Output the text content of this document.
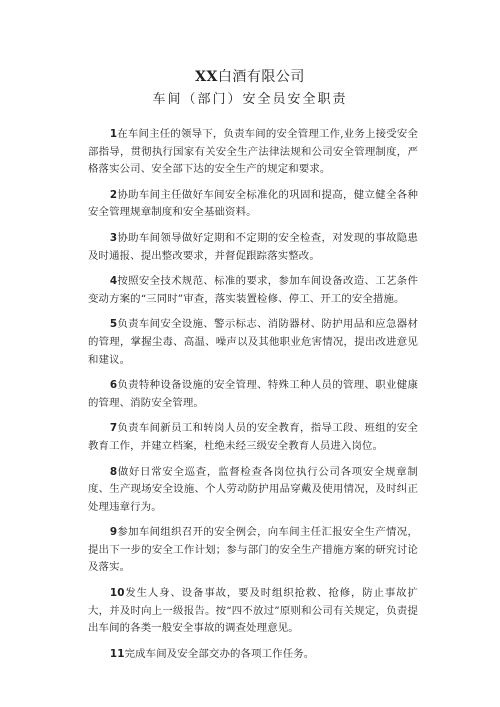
XX白酒有限公司
车间（部门）安全员安全职责

1在车间主任的领导下，负责车间的安全管理工作,业务上接受安全部指导，贯彻执行国家有关安全生产法律法规和公司安全管理制度，严格落实公司、安全部下达的安全生产的规定和要求。

2协助车间主任做好车间安全标准化的巩固和提高，健立健全各种安全管理规章制度和安全基础资料。

3协助车间领导做好定期和不定期的安全检查，对发现的事故隐患及时通报、提出整改要求，并督促跟踪落实整改。

4按照安全技术规范、标准的要求，参加车间设备改造、工艺条件变动方案的“三同时”审查，落实装置检修、停工、开工的安全措施。

5负责车间安全设施、警示标志、消防器材、防护用品和应急器材的管理，掌握尘毒、高温、噪声以及其他职业危害情况，提出改进意见和建议。

6负责特种设备设施的安全管理、特殊工种人员的管理、职业健康的管理、消防安全管理。

7负责车间新员工和转岗人员的安全教育，指导工段、班组的安全教育工作，并建立档案，杜绝未经三级安全教育人员进入岗位。

8做好日常安全巡查，监督检查各岗位执行公司各项安全规章制度、生产现场安全设施、个人劳动防护用品穿戴及使用情况，及时纠正处理违章行为。

9参加车间组织召开的安全例会，向车间主任汇报安全生产情况，提出下一步的安全工作计划；参与部门的安全生产措施方案的研究讨论及落实。

10发生人身、设备事故，要及时组织抢救、抢修，防止事故扩大，并及时向上一级报告。按“四不放过”原则和公司有关规定，负责提出车间的各类一般安全事故的调查处理意见。

11完成车间及安全部交办的各项工作任务。
